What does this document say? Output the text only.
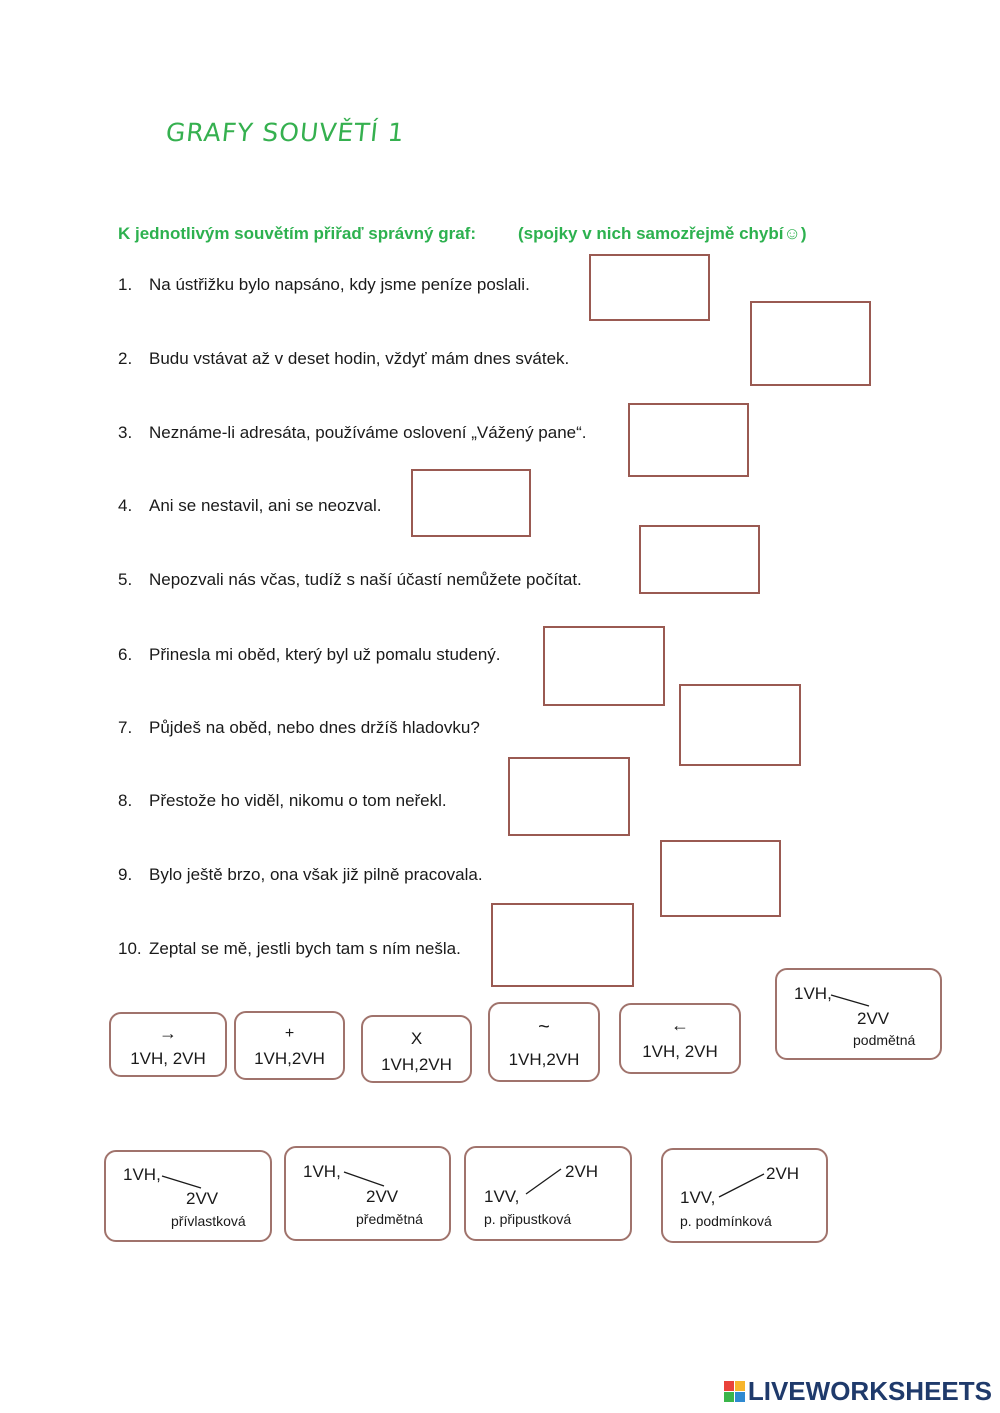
GRAFY SOUVĚTÍ 1
K jednotlivým souvětím přiřaď správný graf: (spojky v nich samozřejmě chybí☺)
1. Na ústřižku bylo napsáno, kdy jsme peníze poslali.
2. Budu vstávat až v deset hodin, vždyť mám dnes svátek.
3. Neznáme-li adresáta, používáme oslovení „Vážený pane“.
4. Ani se nestavil, ani se neozval.
5. Nepozvali nás včas, tudíž s naší účastí nemůžete počítat.
6. Přinesla mi oběd, který byl už pomalu studený.
7. Půjdeš na oběd, nebo dnes držíš hladovku?
8. Přestože ho viděl, nikomu o tom neřekl.
9. Bylo ještě brzo, ona však již pilně pracovala.
10. Zeptal se mě, jestli bych tam s ním nešla.
→
1VH, 2VH
+
1VH,2VH
X
1VH,2VH
~
1VH,2VH
←
1VH, 2VH
1VH,
2VV
podmětná
1VH,
2VV
přívlastková
1VH,
2VV
předmětná
2VH
1VV,
p. připustková
2VH
1VV,
p. podmínková
LIVEWORKSHEETS
